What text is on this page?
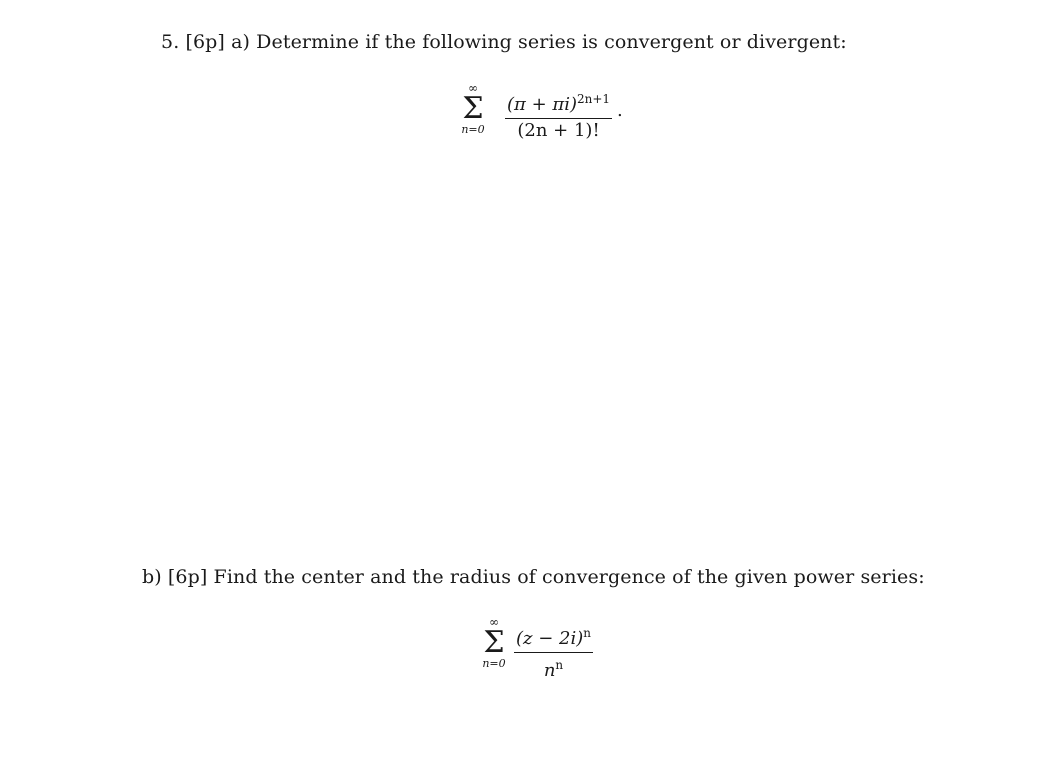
5. [6p] a) Determine if the following series is convergent or divergent:
∞
Σ
n=0	$\frac{(\pi + \pi i)^{2n+1}}{(2n + 1)!}$ .
b) [6p] Find the center and the radius of convergence of the given power series:
∞
Σ
$n=0 \frac{(z - 2i)^n}{n^n}$
